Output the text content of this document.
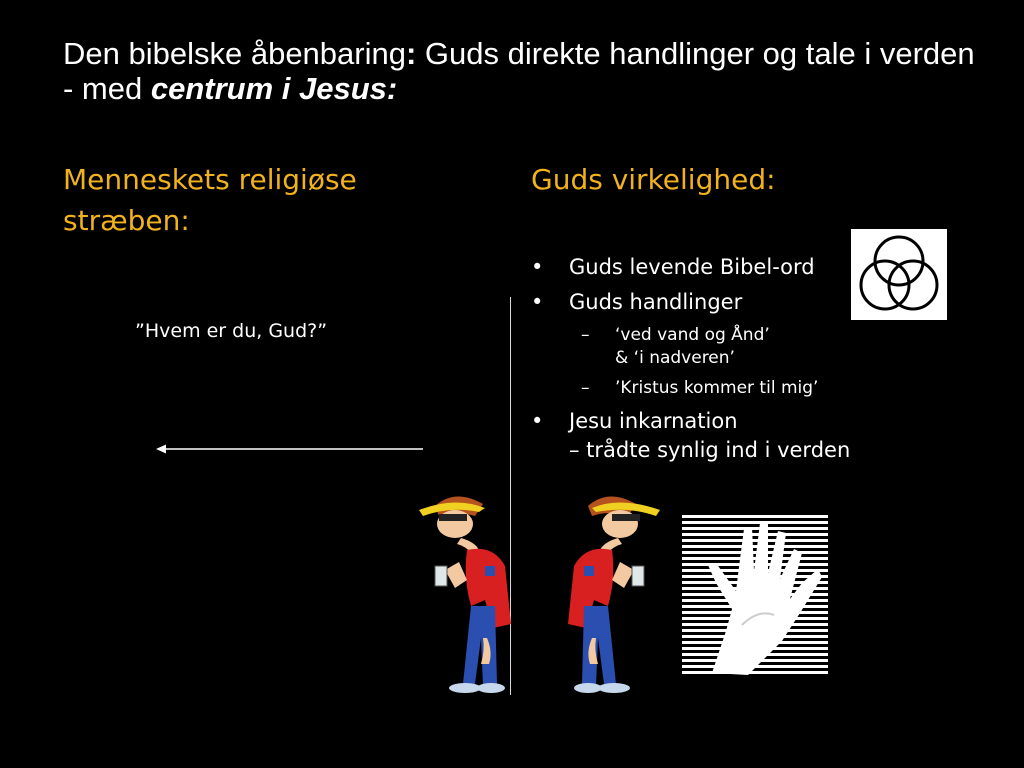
Den bibelske åbenbaring: Guds direkte handlinger og tale i verden - med centrum i Jesus:
Menneskets religiøse
stræben:
Guds virkelighed:
”Hvem er du, Gud?”
• Guds levende Bibel-ord
• Guds handlinger
– ‘ved vand og Ånd’
& ‘i nadveren’
– ’Kristus kommer til mig’
• Jesu inkarnation
– trådte synlig ind i verden
